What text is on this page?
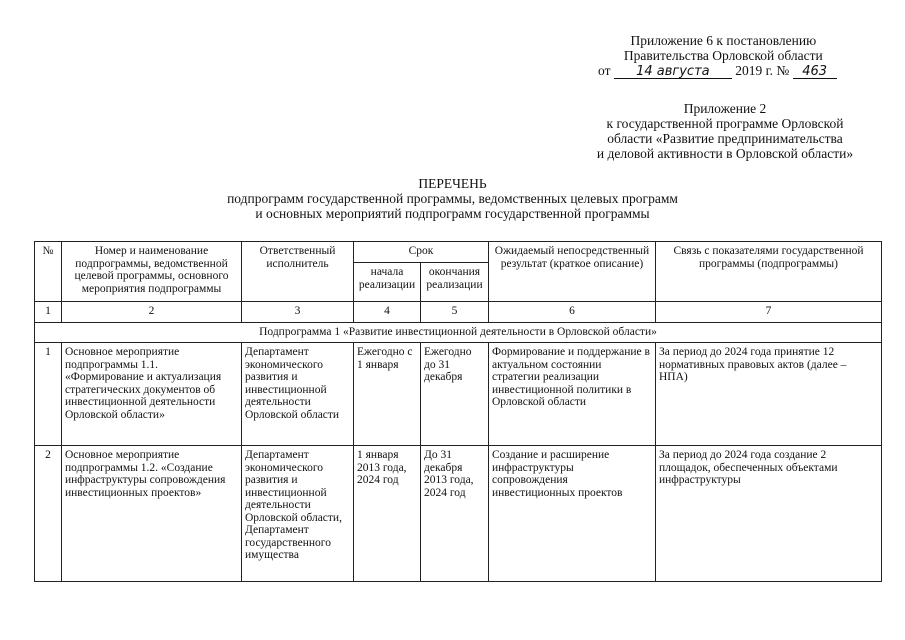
Приложение 6 к постановлению
Правительства Орловской области
от 14 августа 2019 г. № 463
Приложение 2
к государственной программе Орловской
области «Развитие предпринимательства
и деловой активности в Орловской области»
ПЕРЕЧЕНЬ
подпрограмм государственной программы, ведомственных целевых программ
и основных мероприятий подпрограмм государственной программы
№	Номер и наименование подпрограммы, ведомственной целевой программы, основного мероприятия подпрограммы	Ответственный исполнитель	Срок		Ожидаемый непосредственный результат (краткое описание)	Связь с показателями государственной программы (подпрограммы)
			начала реализации	окончания реализации		
1	2	3	4	5	6	7
Подпрограмма 1 «Развитие инвестиционной деятельности в Орловской области»						
1	Основное мероприятие подпрограммы 1.1. «Формирование и актуализация стратегических документов об инвестиционной деятельности Орловской области»	Департамент экономического развития и инвестиционной деятельности Орловской области	Ежегодно с 1 января	Ежегодно до 31 декабря	Формирование и поддержание в актуальном состоянии стратегии реализации инвестиционной политики в Орловской области	За период до 2024 года принятие 12 нормативных правовых актов (далее – НПА)
2	Основное мероприятие подпрограммы 1.2. «Создание инфраструктуры сопровождения инвестиционных проектов»	Департамент экономического развития и инвестиционной деятельности Орловской области, Департамент государственного имущества	1 января 2013 года, 2024 год	До 31 декабря 2013 года, 2024 год	Создание и расширение инфраструктуры сопровождения инвестиционных проектов	За период до 2024 года создание 2 площадок, обеспеченных объектами инфраструктуры
